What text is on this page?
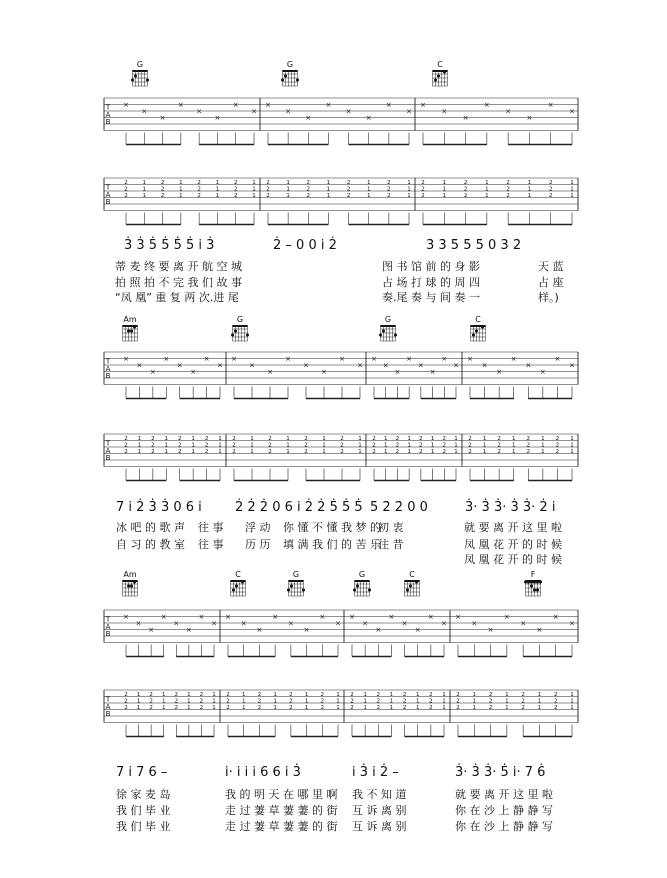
G	G	C
T
A
B
×
×
×
×
×
×
×
×
×
×
×
×
×
×
×
×
×
×
×
×
×
×
×
×
T
A
B
2
2
2
1
1
1
2
2
2
1
1
1
2
2
2
1
1
1
2
2
2
1
1
1
2
2
2
1
1
1
2
2
2
1
1
1
2
2
2
1
1
1
2
2
2
1
1
1
2
2
2
1
1
1
2
2
2
1
1
1
2
2
2
1
1
1
2
2
2
1
1
1
Am	G	G	C
T
A
B
×
×
×
×
×
×
×
×
×
×
×
×
×
×
×
×
×
×
×
×
×
×
×
×
×
×
×
×
×
×
×
×
T
A
B
2
2
2
1
1
1
2
2
2
1
1
1
2
2
2
1
1
1
2
2
2
1
1
1
2
2
2
1
1
1
2
2
2
1
1
1
2
2
2
1
1
1
2
2
2
1
1
1
2
2
2
1
1
1
2
2
2
1
1
1
2
2
2
1
1
1
2
2
2
1
1
1
2
2
2
1
1
1
2
2
2
1
1
1
2
2
2
1
1
1
2
2
2
1
1
1
Am	C	G	G	C	F
T
A
B
×
×
×
×
×
×
×
×
×
×
×
×
×
×
×
×
×
×
×
×
×
×
×
×
×
×
×
×
×
×
×
×
T
A
B
2
2
2
1
1
1
2
2
2
1
1
1
2
2
2
1
1
1
2
2
2
1
1
1
2
2
2
1
1
1
2
2
2
1
1
1
2
2
2
1
1
1
2
2
2
1
1
1
2
2
2
1
1
1
2
2
2
1
1
1
2
2
2
1
1
1
2
2
2
1
1
1
2
2
2
1
1
1
2
2
2
1
1
1
2
2
2
1
1
1
2
2
2
1
1
1
3̇ 3̇ 5̇ 5̇ 5̇ 5̇ i̇ 3̇	2̇ – 0 0 i̇ 2̇	3̇ 3̇ 5̇ 5̇ 5̇ 0 3̇ 2̇
蒂 麦 终 要 离 开 航 空 城	图 书 馆 前 的 身 影	天 蓝
拍 照 拍 不 完 我 们 故 事	占 场 打 球 的 周 四	占 座
“凤 凰” 重 复 两 次.进 尾	奏.尾 奏 与 间 奏 一	样。)
7 i̇ 2̇ 3̇ 3̇ 0 6 i̇	2̇ 2̇ 2̇ 0 6 i̇ 2̇ 2̇ 5̇ 5̇ 5̇ 5̇ 2̇ 2̇ 0 0	3̇· 3̇ 3̇· 3̇ 3̇· 2̇ i̇
冰 吧 的 歌 声 往 事 浮 动 你 懂 不 懂 我 梦 的
初 衷	就 要 离 开 这 里 啦
自 习 的 教 室 往 事 历 历 填 满 我 们 的 苦 乐
往 昔	凤 凰 花 开 的 时 候
凤 凰 花 开 的 时 候
7 i̇ 7 6 –	i̇· i̇ i̇ i̇ 6 6 i̇ 3̇	i̇ 3̇ i̇ 2̇ –	3̇· 3̇ 3̇· 5̇ i̇· 7 6̇
徐 家 麦 岛	我 的 明 天 在 哪 里 啊 我 不 知 道	就 要 离 开 这 里 啦
我 们 毕 业	走 过 萋 草 萋 萋 的 街 互 诉 离 别	你 在 沙 上 静 静 写
我 们 毕 业	走 过 萋 草 萋 萋 的 街 互 诉 离 别	你 在 沙 上 静 静 写
